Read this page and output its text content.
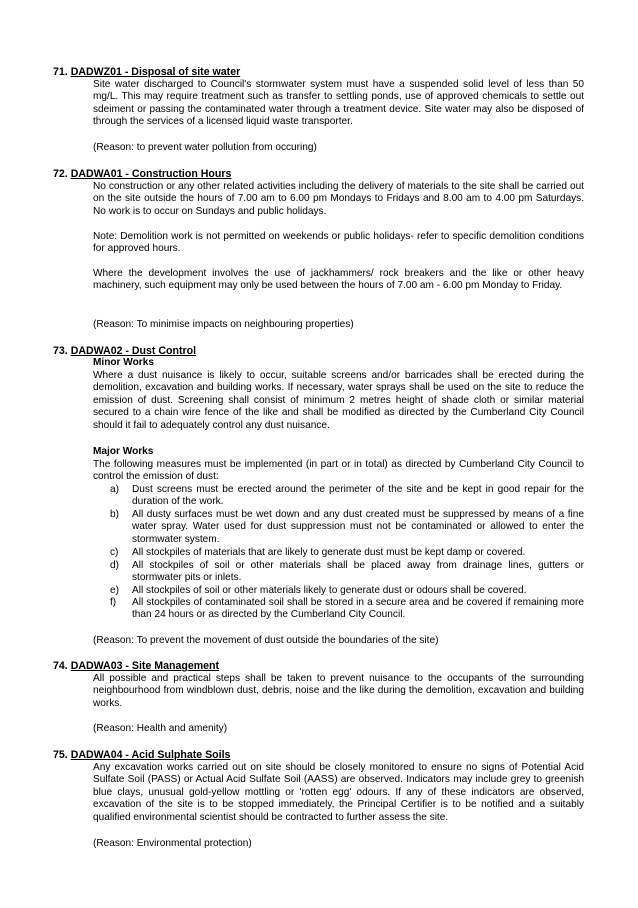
71. DADWZ01 - Disposal of site water
Site water discharged to Council's stormwater system must have a suspended solid level of less than 50 mg/L. This may require treatment such as transfer to settling ponds, use of approved chemicals to settle out sdeiment or passing the contaminated water through a treatment device. Site water may also be disposed of through the services of a licensed liquid waste transporter.
(Reason: to prevent water pollution from occuring)
72. DADWA01 - Construction Hours
No construction or any other related activities including the delivery of materials to the site shall be carried out on the site outside the hours of 7.00 am to 6.00 pm Mondays to Fridays and 8.00 am to 4.00 pm Saturdays. No work is to occur on Sundays and public holidays.
Note: Demolition work is not permitted on weekends or public holidays- refer to specific demolition conditions for approved hours.
Where the development involves the use of jackhammers/ rock breakers and the like or other heavy machinery, such equipment may only be used between the hours of 7.00 am - 6.00 pm Monday to Friday.
(Reason: To minimise impacts on neighbouring properties)
73. DADWA02 - Dust Control
Minor Works
Where a dust nuisance is likely to occur, suitable screens and/or barricades shall be erected during the demolition, excavation and building works. If necessary, water sprays shall be used on the site to reduce the emission of dust. Screening shall consist of minimum 2 metres height of shade cloth or similar material secured to a chain wire fence of the like and shall be modified as directed by the Cumberland City Council should it fail to adequately control any dust nuisance.
Major Works
The following measures must be implemented (in part or in total) as directed by Cumberland City Council to control the emission of dust:
a)	Dust screens must be erected around the perimeter of the site and be kept in good repair for the duration of the work.
b)	All dusty surfaces must be wet down and any dust created must be suppressed by means of a fine water spray. Water used for dust suppression must not be contaminated or allowed to enter the stormwater system.
c)	All stockpiles of materials that are likely to generate dust must be kept damp or covered.
d)	All stockpiles of soil or other materials shall be placed away from drainage lines, gutters or stormwater pits or inlets.
e)	All stockpiles of soil or other materials likely to generate dust or odours shall be covered.
f)	All stockpiles of contaminated soil shall be stored in a secure area and be covered if remaining more than 24 hours or as directed by the Cumberland City Council.
(Reason: To prevent the movement of dust outside the boundaries of the site)
74. DADWA03 - Site Management
All possible and practical steps shall be taken to prevent nuisance to the occupants of the surrounding neighbourhood from windblown dust, debris, noise and the like during the demolition, excavation and building works.
(Reason: Health and amenity)
75. DADWA04 - Acid Sulphate Soils
Any excavation works carried out on site should be closely monitored to ensure no signs of Potential Acid Sulfate Soil (PASS) or Actual Acid Sulfate Soil (AASS) are observed. Indicators may include grey to greenish blue clays, unusual gold-yellow mottling or 'rotten egg' odours. If any of these indicators are observed, excavation of the site is to be stopped immediately, the Principal Certifier is to be notified and a suitably qualified environmental scientist should be contracted to further assess the site.
(Reason: Environmental protection)
